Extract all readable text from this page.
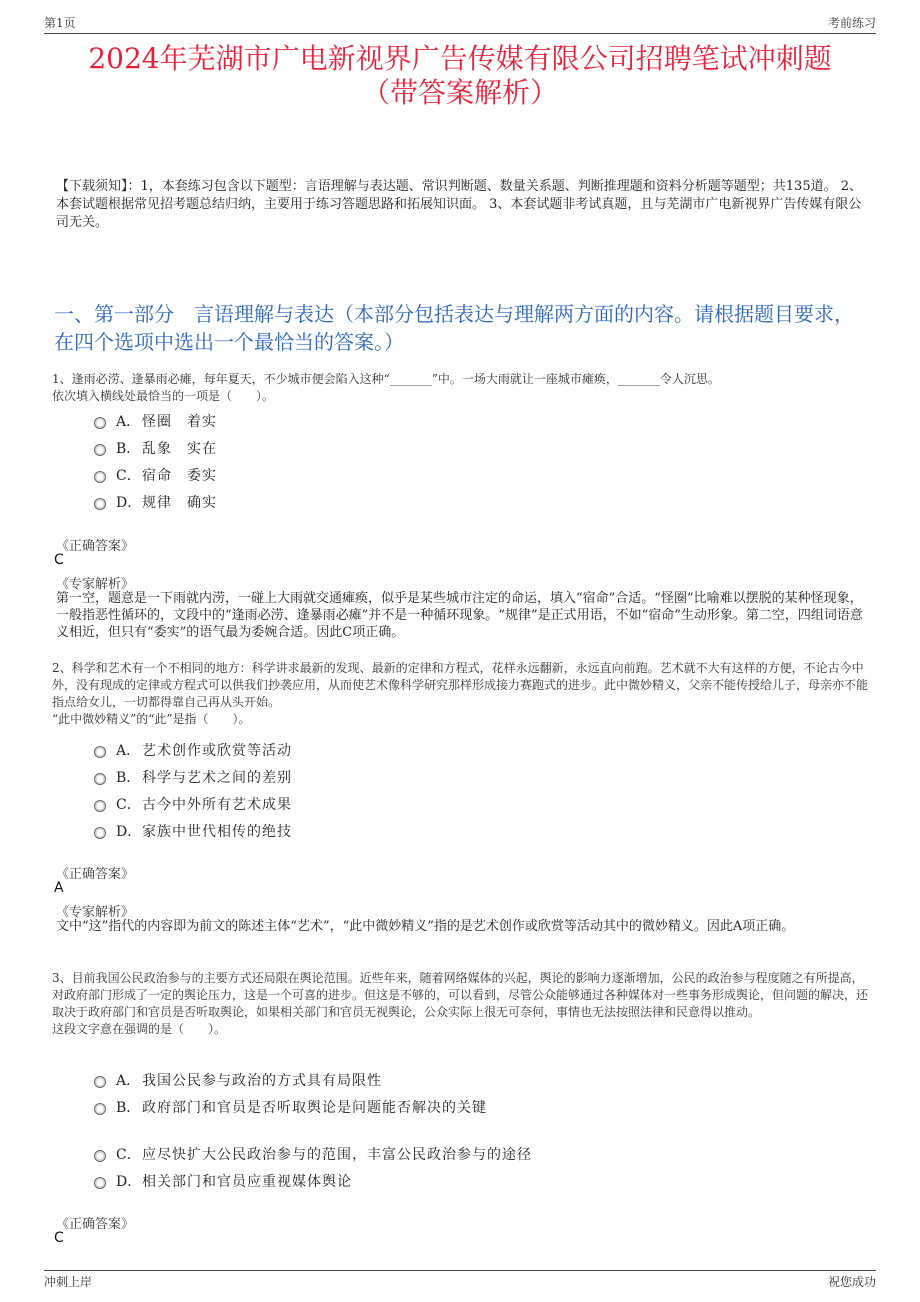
第1页	考前练习
2024年芜湖市广电新视界广告传媒有限公司招聘笔试冲刺题
（带答案解析）
【下载须知】：1，本套练习包含以下题型：言语理解与表达题、常识判断题、数量关系题、判断推理题和资料分析题等题型；共135道。 2、本套试题根据常见招考题总结归纳，主要用于练习答题思路和拓展知识面。 3、本套试题非考试真题，且与芜湖市广电新视界广告传媒有限公司无关。
一、第一部分　言语理解与表达（本部分包括表达与理解两方面的内容。请根据题目要求，在四个选项中选出一个最恰当的答案。）

1、逢雨必涝、逢暴雨必瘫，每年夏天，不少城市便会陷入这种“_______”中。一场大雨就让一座城市瘫痪，_______令人沉思。

依次填入横线处最恰当的一项是（　　）。

A． 怪圈　着实
B． 乱象　实在
C． 宿命　委实
D． 规律　确实
《正确答案》
C
《专家解析》
第一空，题意是一下雨就内涝，一碰上大雨就交通瘫痪，似乎是某些城市注定的命运，填入“宿命”合适。“怪圈”比喻难以摆脱的某种怪现象，一般指恶性循环的，文段中的“逢雨必涝、逢暴雨必瘫”并不是一种循环现象。“规律”是正式用语，不如“宿命”生动形象。第二空，四组词语意义相近，但只有“委实”的语气最为委婉合适。因此C项正确。

2、科学和艺术有一个不相同的地方：科学讲求最新的发现、最新的定律和方程式，花样永远翻新，永远直向前跑。艺术就不大有这样的方便，不论古今中外，没有现成的定律或方程式可以供我们抄袭应用，从而使艺术像科学研究那样形成接力赛跑式的进步。此中微妙精义，父亲不能传授给儿子，母亲亦不能指点给女儿，一切都得靠自己再从头开始。

“此中微妙精义”的“此”是指（　　）。

A． 艺术创作或欣赏等活动
B． 科学与艺术之间的差别
C． 古今中外所有艺术成果
D． 家族中世代相传的绝技
《正确答案》
A
《专家解析》
文中“这”指代的内容即为前文的陈述主体“艺术”，“此中微妙精义”指的是艺术创作或欣赏等活动其中的微妙精义。因此A项正确。

3、目前我国公民政治参与的主要方式还局限在舆论范围。近些年来，随着网络媒体的兴起，舆论的影响力逐渐增加，公民的政治参与程度随之有所提高，对政府部门形成了一定的舆论压力，这是一个可喜的进步。但这是不够的，可以看到，尽管公众能够通过各种媒体对一些事务形成舆论，但问题的解决，还取决于政府部门和官员是否听取舆论，如果相关部门和官员无视舆论，公众实际上很无可奈何，事情也无法按照法律和民意得以推动。

这段文字意在强调的是（　　）。

A． 我国公民参与政治的方式具有局限性
B． 政府部门和官员是否听取舆论是问题能否解决的关键
C． 应尽快扩大公民政治参与的范围，丰富公民政治参与的途径
D． 相关部门和官员应重视媒体舆论
《正确答案》
C
冲刺上岸	祝您成功
